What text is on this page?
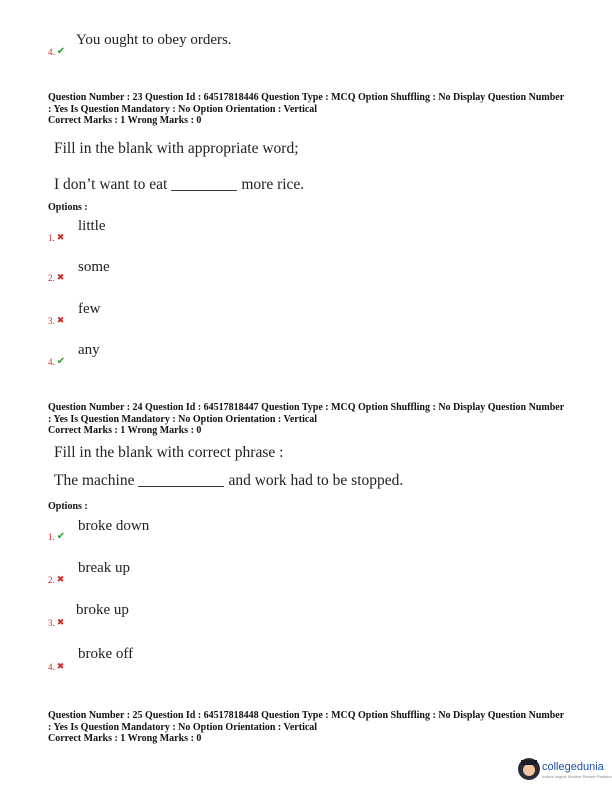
You ought to obey orders.
4. ✔
Question Number : 23 Question Id : 64517818446 Question Type : MCQ Option Shuffling : No Display Question Number : Yes Is Question Mandatory : No Option Orientation : Vertical
Correct Marks : 1 Wrong Marks : 0
Fill in the blank with appropriate word;
I don’t want to eat	more rice.
Options :
little
1. ✖
some
2. ✖
few
3. ✖
any
4. ✔
Question Number : 24 Question Id : 64517818447 Question Type : MCQ Option Shuffling : No Display Question Number : Yes Is Question Mandatory : No Option Orientation : Vertical
Correct Marks : 1 Wrong Marks : 0
Fill in the blank with correct phrase :
The machine	and work had to be stopped.
Options :
broke down
1. ✔
break up
2. ✖
broke up
3. ✖
broke off
4. ✖
Question Number : 25 Question Id : 64517818448 Question Type : MCQ Option Shuffling : No Display Question Number : Yes Is Question Mandatory : No Option Orientation : Vertical
Correct Marks : 1 Wrong Marks : 0
collegedunia
India's largest Student Review Platform
